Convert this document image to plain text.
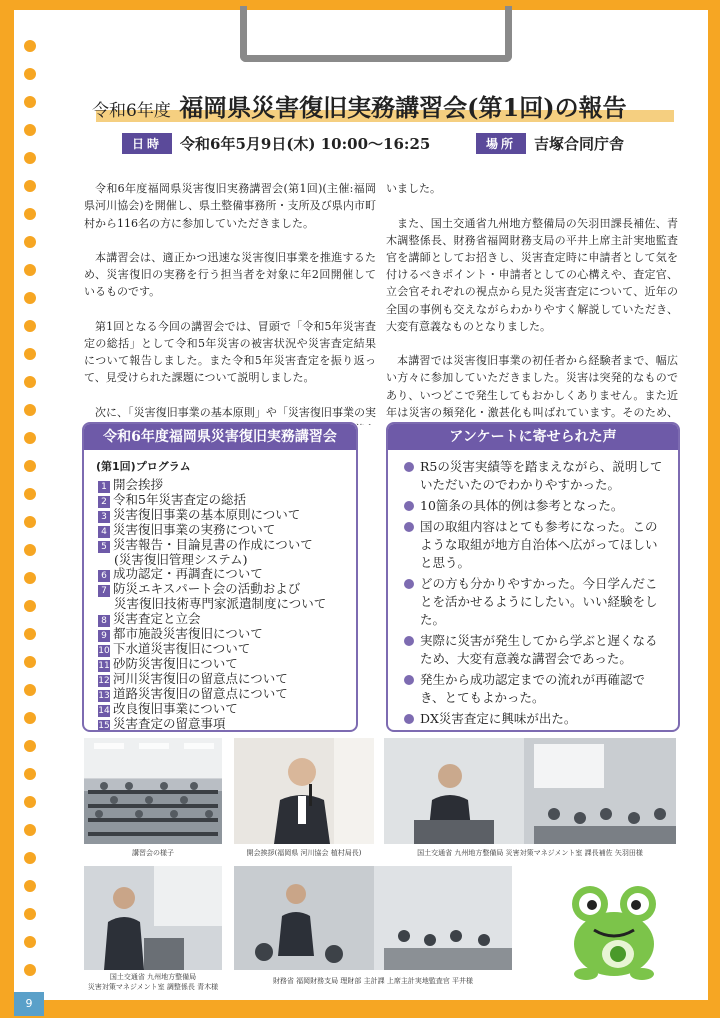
令和6年度 福岡県災害復旧実務講習会(第1回)の報告
日時	令和6年5月9日(木) 10:00〜16:25	場所	吉塚合同庁舎

令和6年度福岡県災害復旧実務講習会(第1回)(主催:福岡県河川協会)を開催し、県土整備事務所・支所及び県内市町村から116名の方に参加していただきました。

本講習会は、適正かつ迅速な災害復旧事業を推進するため、災害復旧の実務を行う担当者を対象に年2回開催しているものです。

第1回となる今回の講習会では、冒頭で「令和5年災害査定の総括」として令和5年災害の被害状況や災害査定結果について報告しました。また令和5年災害査定を振り返って、見受けられた課題について説明しました。

次に、「災害復旧事業の基本原則」や「災害復旧事業の実

いました。

また、国土交通省九州地方整備局の矢羽田課長補佐、青木調整係長、財務省福岡財務支局の平井上席主計実地監査官を講師としてお招きし、災害査定時に申請者として気を付けるべきポイント・申請者としての心構えや、査定官、立会官それぞれの視点から見た災害査定について、近年の全国の事例も交えながらわかりやすく解説していただき、大変有意義なものとなりました。

本講習では災害復旧事業の初任者から経験者まで、幅広い方々に参加していただきました。災害は突発的なものであり、いつどこで発生してもおかしくありません。また近年は災害の頻発化・激甚化も叫ばれています。そのため、

令和6年度福岡県災害復旧実務講習会
(第1回)プログラム
1 開会挨拶
2 令和5年災害査定の総括
3 災害復旧事業の基本原則について
4 災害復旧事業の実務について
5 災害報告・目論見書の作成について
(災害復旧管理システム)
6 成功認定・再調査について
7 防災エキスパート会の活動および
災害復旧技術専門家派遣制度について
8 災害査定と立会
9 都市施設災害復旧について
10 下水道災害復旧について
11 砂防災害復旧について
12 河川災害復旧の留意点について
13 道路災害復旧の留意点について
14 改良復旧事業について
15 災害査定の留意事項
アンケートに寄せられた声
R5の災害実績等を踏まえながら、説明していただいたのでわかりやすかった。
10箇条の具体的例は参考となった。
国の取組内容はとても参考になった。このような取組が地方自治体へ広がってほしいと思う。
どの方も分かりやすかった。今日学んだことを活かせるようにしたい。いい経験をした。
実際に災害が発生してから学ぶと遅くなるため、大変有意義な講習会であった。
発生から成功認定までの流れが再確認でき、とてもよかった。
DX災害査定に興味が出た。
講習会の様子	開会挨拶(福岡県 河川協会 植村局長)	国土交通省 九州地方整備局 災害対策マネジメント室 課長補佐 矢羽田様
国土交通省 九州地方整備局
災害対策マネジメント室 調整係長 青木様
財務省 福岡財務支局 理財部 主計課 上席主計実地監査官 平井様
9
